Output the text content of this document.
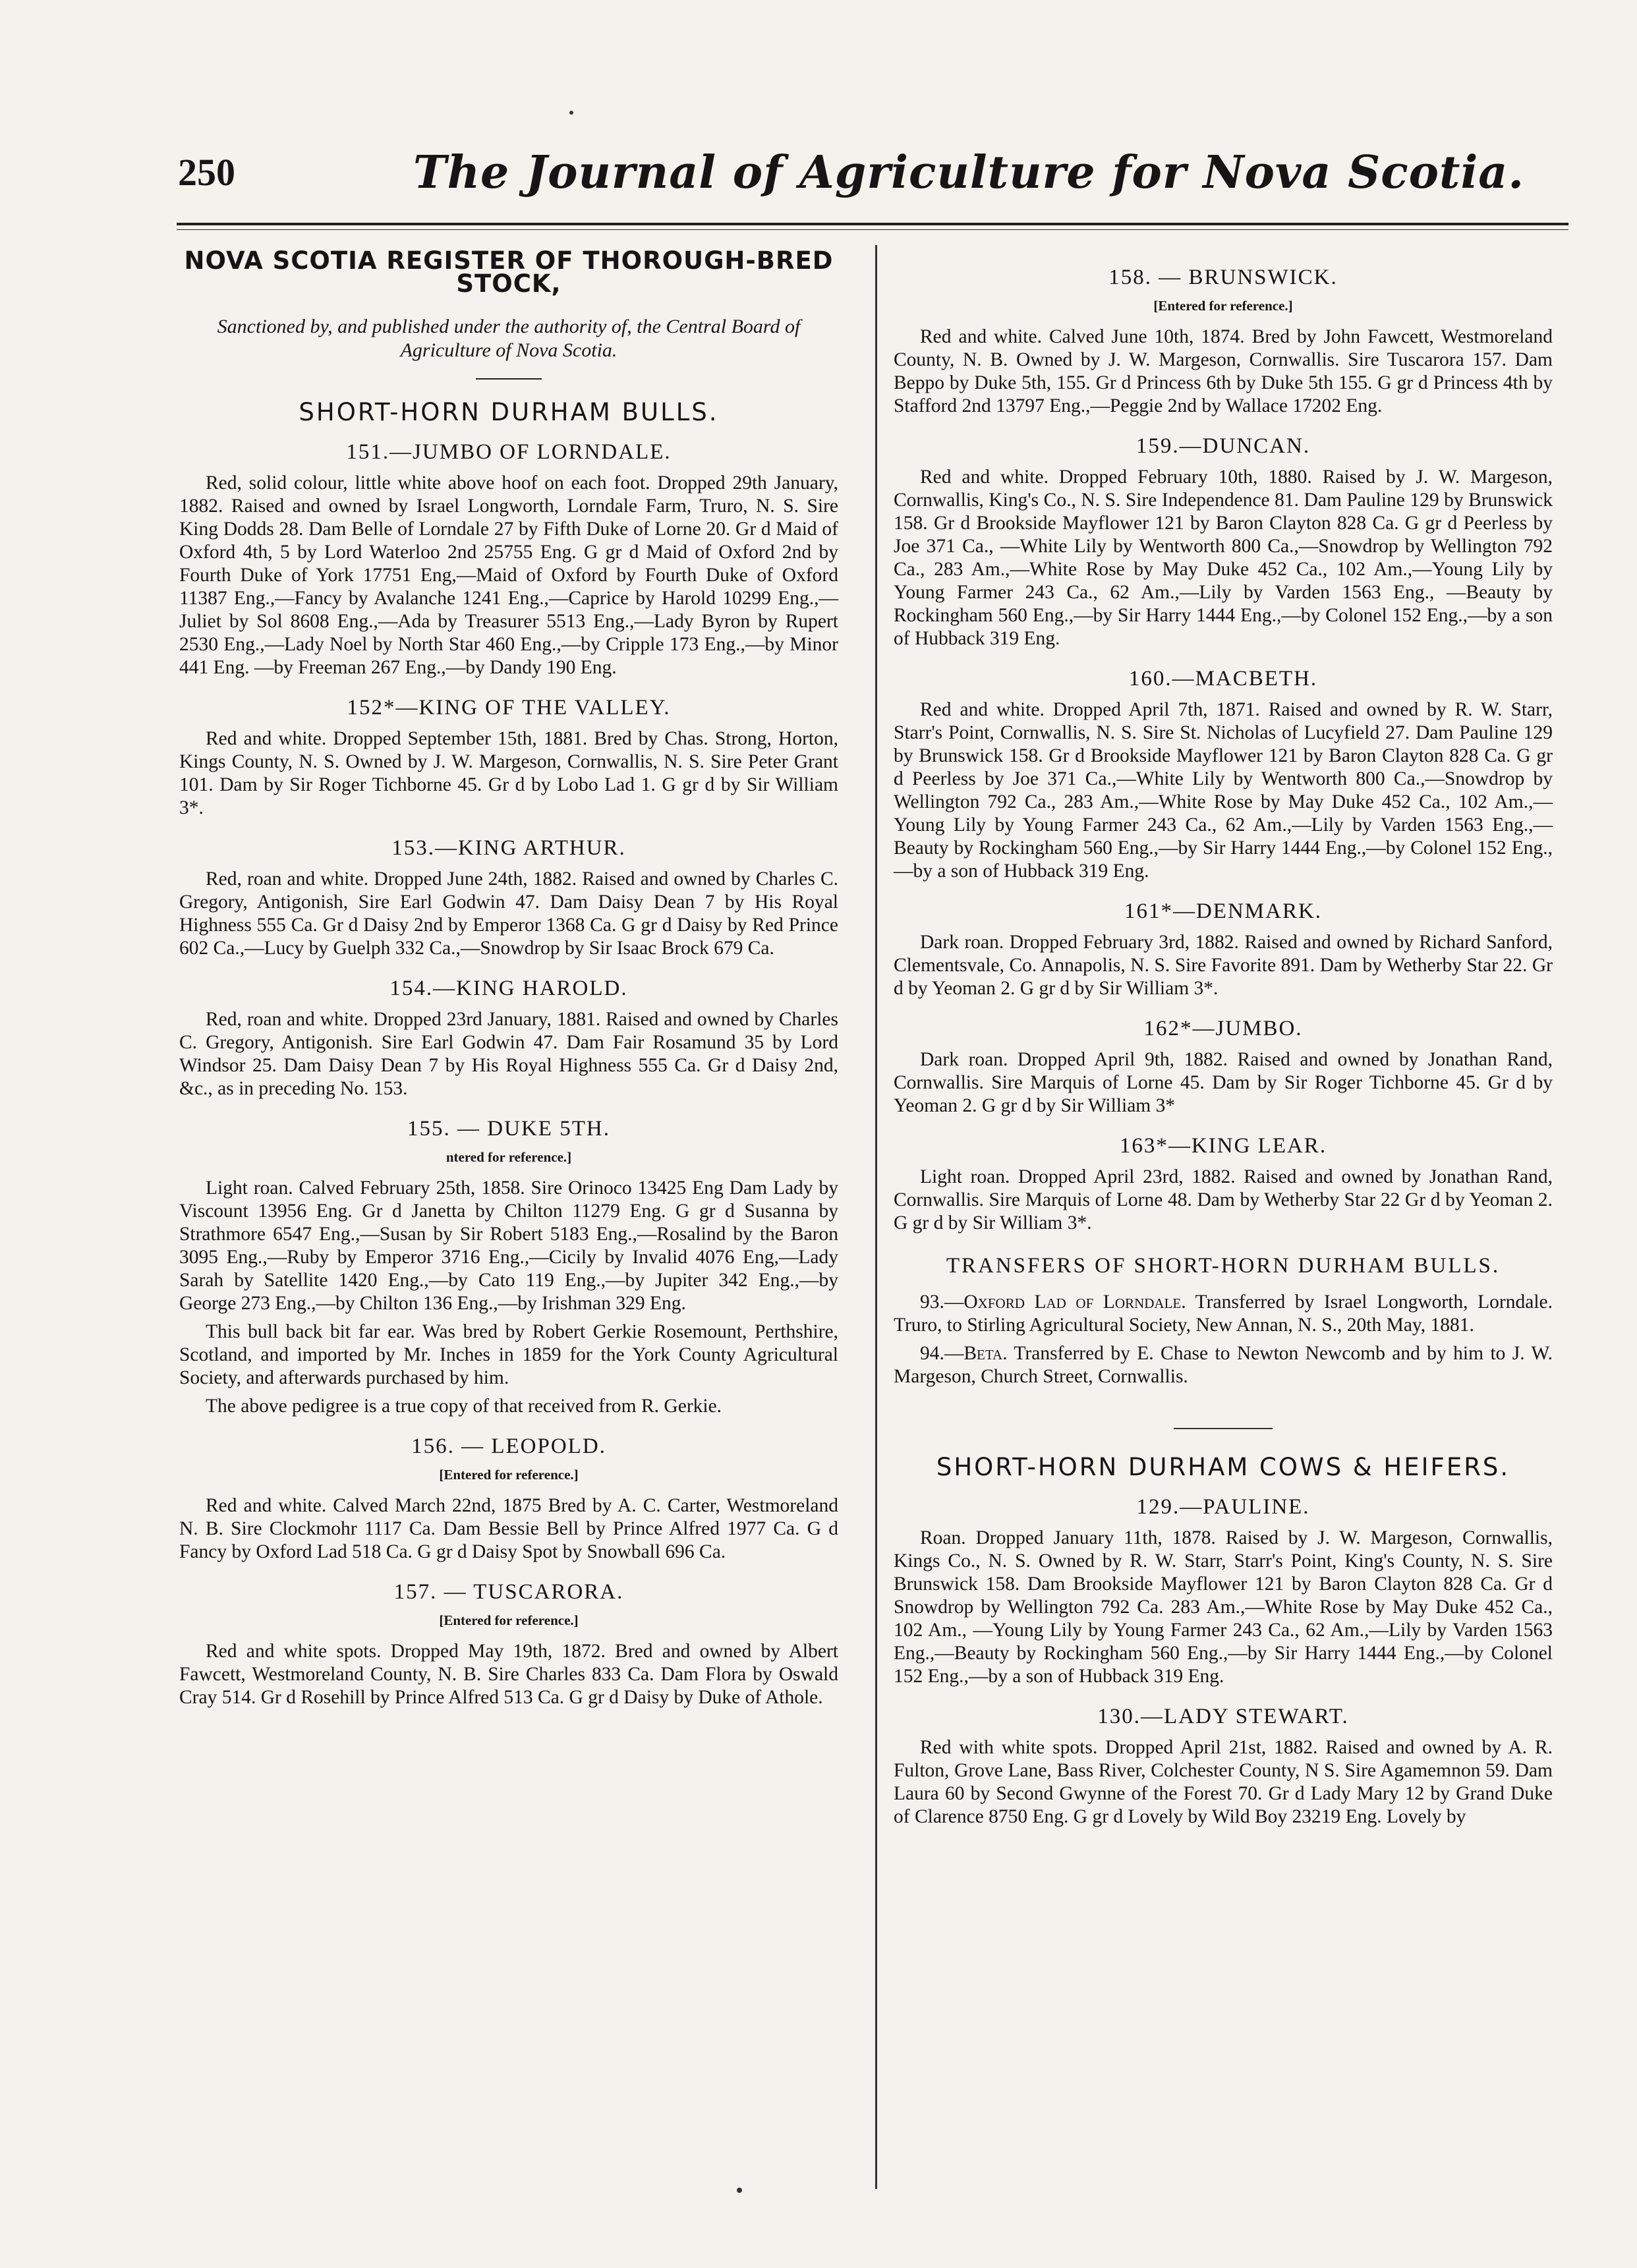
250	The Journal of Agriculture for Nova Scotia.
NOVA SCOTIA REGISTER OF THOROUGH-BRED STOCK,
Sanctioned by, and published under the authority of, the Central Board of Agriculture of Nova Scotia.
SHORT-HORN DURHAM BULLS.
151.—JUMBO OF LORNDALE.

Red, solid colour, little white above hoof on each foot. Dropped 29th January, 1882. Raised and owned by Israel Longworth, Lorndale Farm, Truro, N. S. Sire King Dodds 28. Dam Belle of Lorndale 27 by Fifth Duke of Lorne 20. Gr d Maid of Oxford 4th, 5 by Lord Waterloo 2nd 25755 Eng. G gr d Maid of Oxford 2nd by Fourth Duke of York 17751 Eng,—Maid of Oxford by Fourth Duke of Oxford 11387 Eng.,—Fancy by Avalanche 1241 Eng.,—Caprice by Harold 10299 Eng.,—Juliet by Sol 8608 Eng.,—Ada by Treasurer 5513 Eng.,—Lady Byron by Rupert 2530 Eng.,—Lady Noel by North Star 460 Eng.,—by Cripple 173 Eng.,—by Minor 441 Eng. —by Freeman 267 Eng.,—by Dandy 190 Eng.

152*—KING OF THE VALLEY.

Red and white. Dropped September 15th, 1881. Bred by Chas. Strong, Horton, Kings County, N. S. Owned by J. W. Margeson, Cornwallis, N. S. Sire Peter Grant 101. Dam by Sir Roger Tichborne 45. Gr d by Lobo Lad 1. G gr d by Sir William 3*.

153.—KING ARTHUR.

Red, roan and white. Dropped June 24th, 1882. Raised and owned by Charles C. Gregory, Antigonish, Sire Earl Godwin 47. Dam Daisy Dean 7 by His Royal Highness 555 Ca. Gr d Daisy 2nd by Emperor 1368 Ca. G gr d Daisy by Red Prince 602 Ca.,—Lucy by Guelph 332 Ca.,—Snowdrop by Sir Isaac Brock 679 Ca.

154.—KING HAROLD.

Red, roan and white. Dropped 23rd January, 1881. Raised and owned by Charles C. Gregory, Antigonish. Sire Earl Godwin 47. Dam Fair Rosamund 35 by Lord Windsor 25. Dam Daisy Dean 7 by His Royal Highness 555 Ca. Gr d Daisy 2nd, &c., as in preceding No. 153.

155. — DUKE 5TH.
ntered for reference.]

Light roan. Calved February 25th, 1858. Sire Orinoco 13425 Eng Dam Lady by Viscount 13956 Eng. Gr d Janetta by Chilton 11279 Eng. G gr d Susanna by Strathmore 6547 Eng.,—Susan by Sir Robert 5183 Eng.,—Rosalind by the Baron 3095 Eng.,—Ruby by Emperor 3716 Eng.,—Cicily by Invalid 4076 Eng,—Lady Sarah by Satellite 1420 Eng.,—by Cato 119 Eng.,—by Jupiter 342 Eng.,—by George 273 Eng.,—by Chilton 136 Eng.,—by Irishman 329 Eng.

This bull back bit far ear. Was bred by Robert Gerkie Rosemount, Perthshire, Scotland, and imported by Mr. Inches in 1859 for the York County Agricultural Society, and afterwards purchased by him.

The above pedigree is a true copy of that received from R. Gerkie.

156. — LEOPOLD.
[Entered for reference.]

Red and white. Calved March 22nd, 1875 Bred by A. C. Carter, Westmoreland N. B. Sire Clockmohr 1117 Ca. Dam Bessie Bell by Prince Alfred 1977 Ca. G d Fancy by Oxford Lad 518 Ca. G gr d Daisy Spot by Snowball 696 Ca.

157. — TUSCARORA.
[Entered for reference.]

Red and white spots. Dropped May 19th, 1872. Bred and owned by Albert Fawcett, Westmoreland County, N. B. Sire Charles 833 Ca. Dam Flora by Oswald Cray 514. Gr d Rosehill by Prince Alfred 513 Ca. G gr d Daisy by Duke of Athole.

158. — BRUNSWICK.
[Entered for reference.]

Red and white. Calved June 10th, 1874. Bred by John Fawcett, Westmoreland County, N. B. Owned by J. W. Margeson, Cornwallis. Sire Tuscarora 157. Dam Beppo by Duke 5th, 155. Gr d Princess 6th by Duke 5th 155. G gr d Princess 4th by Stafford 2nd 13797 Eng.,—Peggie 2nd by Wallace 17202 Eng.

159.—DUNCAN.

Red and white. Dropped February 10th, 1880. Raised by J. W. Margeson, Cornwallis, King's Co., N. S. Sire Independence 81. Dam Pauline 129 by Brunswick 158. Gr d Brookside Mayflower 121 by Baron Clayton 828 Ca. G gr d Peerless by Joe 371 Ca., —White Lily by Wentworth 800 Ca.,—Snowdrop by Wellington 792 Ca., 283 Am.,—White Rose by May Duke 452 Ca., 102 Am.,—Young Lily by Young Farmer 243 Ca., 62 Am.,—Lily by Varden 1563 Eng., —Beauty by Rockingham 560 Eng.,—by Sir Harry 1444 Eng.,—by Colonel 152 Eng.,—by a son of Hubback 319 Eng.

160.—MACBETH.

Red and white. Dropped April 7th, 1871. Raised and owned by R. W. Starr, Starr's Point, Cornwallis, N. S. Sire St. Nicholas of Lucyfield 27. Dam Pauline 129 by Brunswick 158. Gr d Brookside Mayflower 121 by Baron Clayton 828 Ca. G gr d Peerless by Joe 371 Ca.,—White Lily by Wentworth 800 Ca.,—Snowdrop by Wellington 792 Ca., 283 Am.,—White Rose by May Duke 452 Ca., 102 Am.,—Young Lily by Young Farmer 243 Ca., 62 Am.,—Lily by Varden 1563 Eng.,—Beauty by Rockingham 560 Eng.,—by Sir Harry 1444 Eng.,—by Colonel 152 Eng.,—by a son of Hubback 319 Eng.

161*—DENMARK.

Dark roan. Dropped February 3rd, 1882. Raised and owned by Richard Sanford, Clementsvale, Co. Annapolis, N. S. Sire Favorite 891. Dam by Wetherby Star 22. Gr d by Yeoman 2. G gr d by Sir William 3*.

162*—JUMBO.

Dark roan. Dropped April 9th, 1882. Raised and owned by Jonathan Rand, Cornwallis. Sire Marquis of Lorne 45. Dam by Sir Roger Tichborne 45. Gr d by Yeoman 2. G gr d by Sir William 3*

163*—KING LEAR.

Light roan. Dropped April 23rd, 1882. Raised and owned by Jonathan Rand, Cornwallis. Sire Marquis of Lorne 48. Dam by Wetherby Star 22 Gr d by Yeoman 2. G gr d by Sir William 3*.

TRANSFERS OF SHORT-HORN DURHAM BULLS.

93.—Oxford Lad of Lorndale. Transferred by Israel Longworth, Lorndale. Truro, to Stirling Agricultural Society, New Annan, N. S., 20th May, 1881.

94.—Beta. Transferred by E. Chase to Newton Newcomb and by him to J. W. Margeson, Church Street, Cornwallis.

SHORT-HORN DURHAM COWS & HEIFERS.
129.—PAULINE.

Roan. Dropped January 11th, 1878. Raised by J. W. Margeson, Cornwallis, Kings Co., N. S. Owned by R. W. Starr, Starr's Point, King's County, N. S. Sire Brunswick 158. Dam Brookside Mayflower 121 by Baron Clayton 828 Ca. Gr d Snowdrop by Wellington 792 Ca. 283 Am.,—White Rose by May Duke 452 Ca., 102 Am., —Young Lily by Young Farmer 243 Ca., 62 Am.,—Lily by Varden 1563 Eng.,—Beauty by Rockingham 560 Eng.,—by Sir Harry 1444 Eng.,—by Colonel 152 Eng.,—by a son of Hubback 319 Eng.

130.—LADY STEWART.

Red with white spots. Dropped April 21st, 1882. Raised and owned by A. R. Fulton, Grove Lane, Bass River, Colchester County, N S. Sire Agamemnon 59. Dam Laura 60 by Second Gwynne of the Forest 70. Gr d Lady Mary 12 by Grand Duke of Clarence 8750 Eng. G gr d Lovely by Wild Boy 23219 Eng. Lovely by
